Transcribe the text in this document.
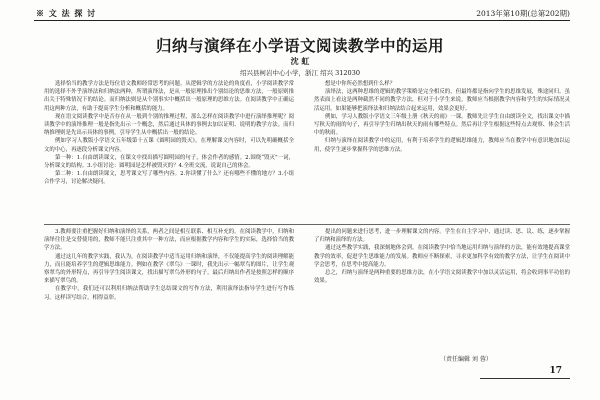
※ 文 法 探 讨	2013年第10期(总第202期)
归纳与演绎在小学语文阅读教学中的运用
沈 虹
绍兴县柯岩中心小学，浙江 绍兴 312030

选择恰当的教学方法是每位语文教师经常思考的问题。从逻辑学的方法论的角度看，小学阅读教学常用的选择不外乎演绎法和归纳法两种，所谓演绎法，是从一般原理推出个别结论的思维方法，一般原则推出关于特殊情况下的结论。而归纳法则是从个别事实中概括出一般原理的思维方法。在阅读教学中正确运用这两种方法，有助于提高学生分析和概括的能力。

现在语文阅读教学中是否存在从一般到个别的推理过程，那么怎样在阅读教学中进行演绎推理呢？阅读教学中的演绎推理一般是指先出示一个概念，然后通过具体的事例去加以证明、说明的教学方法。而归纳推理则是先出示具体的事例，引导学生从中概括出一般的结论。

例如学习人教版小学语文五年级第十五课《圆明园的毁灭》，在理解课文内容时，可以先明确概括全文的中心，再逐段分析课文内容。

第一种：1.自由朗读课文，在课文中找出描写圆明园的句子，体会作者的感情。2.围绕“毁灭”一词，分析课文的结构。3.小组讨论：圆明园是怎样被毁灭的？4.全班交流，说说自己的体会。

第二种：1.自由朗读课文，思考课文写了哪些内容。2.你读懂了什么？还有哪些不懂的地方？3.小组合作学习，讨论解决疑问。

想是中你所必然想到什么样？

演绎法，这两种思维的逻辑的教学策略是完全相反的，但最终都是指向学生的思维发展，殊途同归。虽然表面上看这是两种截然不同的教学方法，但对于小学生来说，教师应当根据教学内容和学生的实际情况灵活运用。如果能够把演绎法和归纳法结合起来运用，效果会更好。

例如，学习人教版小学语文三年级上册《秋天的雨》一课，教师先让学生自由朗读全文，找出课文中描写秋天的雨的句子，再引导学生归纳出秋天的雨有哪些特点。然后再让学生根据这些特点去观察、体会生活中的秋雨。

归纳与演绎在阅读教学中的运用，有利于培养学生的逻辑思维能力，教师应当在教学中有意识地加以运用，使学生逐步掌握科学的思维方法。

3.教师要注重把握好归纳和演绎的关系，两者之间是相互联系、相互补充的。在阅读教学中，归纳和演绎往往是交替使用的，教师不能只注重其中一种方法，而应根据教学内容和学生的实际，选择恰当的教学方法。

通过这几年的教学实践，我认为，在阅读教学中适当运用归纳和演绎，不仅能提高学生的阅读理解能力，而且能培养学生的逻辑思维能力。例如在教学《翠鸟》一课时，我先出示一幅翠鸟的图片，让学生观察翠鸟的外形特点，再引导学生阅读课文，找出描写翠鸟外形的句子，最后归纳出作者是按照怎样的顺序来描写翠鸟的。

在教学中，我们还可以利用归纳法帮助学生总结课文的写作方法，利用演绎法指导学生进行写作练习。这样读写结合，相得益彰。

提出的问题来进行思考，进一步理解课文的内容。学生在自主学习中，通过读、思、议、练，逐步掌握了归纳和演绎的方法。

通过这些教学实践，我深刻地体会到，在阅读教学中恰当地运用归纳与演绎的方法，能有效地提高课堂教学的效率，促进学生思维能力的发展。教师应不断探索，寻求更加科学有效的教学方法，让学生在阅读中学会思考，在思考中提高能力。

总之，归纳与演绎是两种重要的思维方法，在小学语文阅读教学中加以灵活运用，将会收到事半功倍的效果。

（责任编辑 刘 蓉）
17
